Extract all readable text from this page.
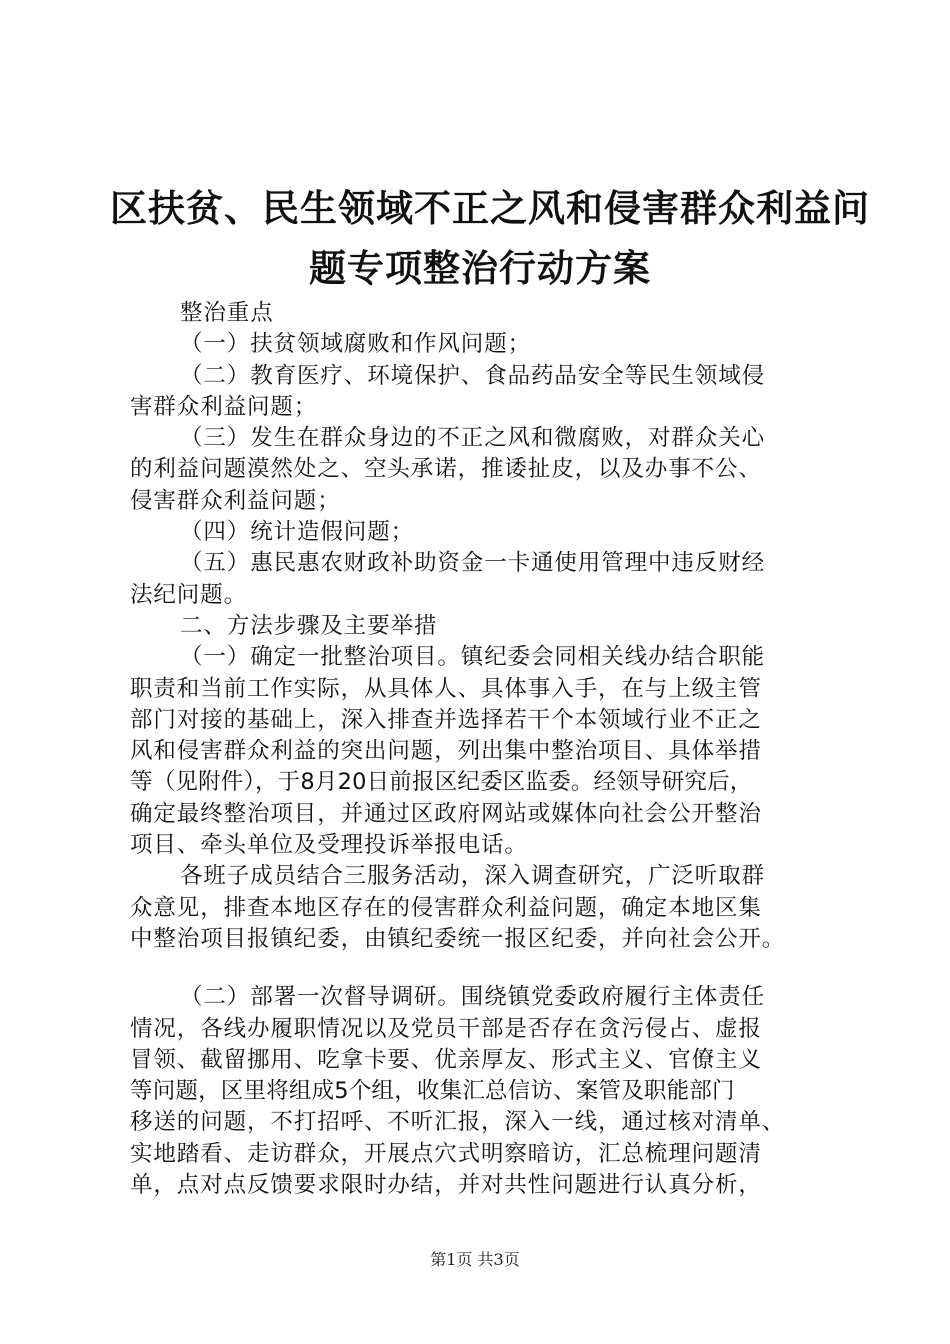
区扶贫、民生领域不正之风和侵害群众利益问
题专项整治行动方案
整治重点
（一）扶贫领域腐败和作风问题；
（二）教育医疗、环境保护、食品药品安全等民生领域侵
害群众利益问题；
（三）发生在群众身边的不正之风和微腐败，对群众关心
的利益问题漠然处之、空头承诺，推诿扯皮，以及办事不公、
侵害群众利益问题；
（四）统计造假问题；
（五）惠民惠农财政补助资金一卡通使用管理中违反财经
法纪问题。
二、方法步骤及主要举措
（一）确定一批整治项目。镇纪委会同相关线办结合职能
职责和当前工作实际，从具体人、具体事入手，在与上级主管
部门对接的基础上，深入排查并选择若干个本领域行业不正之
风和侵害群众利益的突出问题，列出集中整治项目、具体举措
等（见附件），于8月20日前报区纪委区监委。经领导研究后，
确定最终整治项目，并通过区政府网站或媒体向社会公开整治
项目、牵头单位及受理投诉举报电话。
各班子成员结合三服务活动，深入调查研究，广泛听取群
众意见，排查本地区存在的侵害群众利益问题，确定本地区集
中整治项目报镇纪委，由镇纪委统一报区纪委，并向社会公开。
（二）部署一次督导调研。围绕镇党委政府履行主体责任
情况，各线办履职情况以及党员干部是否存在贪污侵占、虚报
冒领、截留挪用、吃拿卡要、优亲厚友、形式主义、官僚主义
等问题，区里将组成5个组，收集汇总信访、案管及职能部门
移送的问题，不打招呼、不听汇报，深入一线，通过核对清单、
实地踏看、走访群众，开展点穴式明察暗访，汇总梳理问题清
单，点对点反馈要求限时办结，并对共性问题进行认真分析，
第1页 共3页
